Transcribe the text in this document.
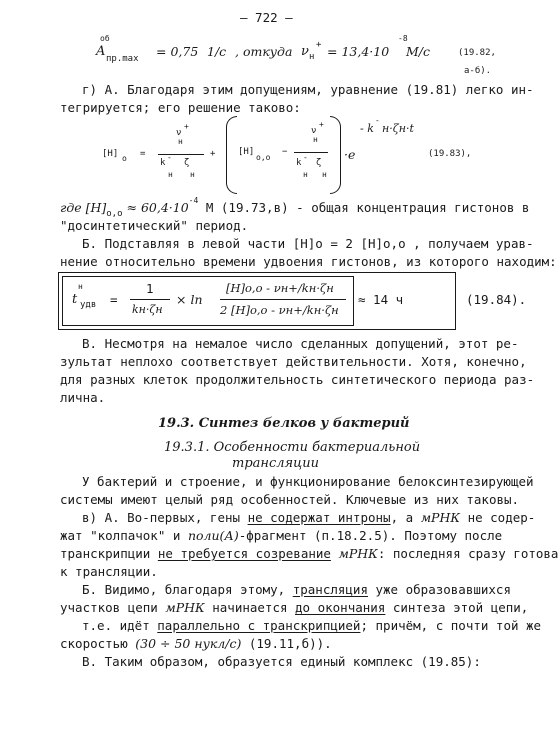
– 722 –
об
A пр.max = 0,75 1/с , откуда ν н
+ = 13,4·10
-8
М/с	(19.82,
а-б).
г) А. Благодаря этим допущениям, уравнение (19.81) легко ин-
тегрируется; его решение таково:
[H] o =
ν
н
+
k
-
н
ζ
н
+	[H]
o,o
−
ν
н
+
k
-
н
ζ
н
·e
- k
-
н·ζн·t
(19.83),
где $[H]_{o,o} \approx 60,4\cdot 10^{-4}$ М (19.73,в) - общая концентрация гистонов в
"досинтетический" период.
Б. Подставляя в левой части [H]o = 2 [H]o,o , получаем урав-
нение относительно времени удвоения гистонов, из которого находим:
н
t удв =
1
kн·ζн
× ln
[H]o,o - νн+/kн·ζн
2 [H]o,o - νн+/kн·ζн
≈ 14 ч	(19.84).
В. Несмотря на немалое число сделанных допущений, этот ре-
зультат неплохо соответствует действительности. Хотя, конечно,
для разных клеток продолжительность синтетического периода раз-
лична.
19.3. Синтез белков у бактерий
19.3.1. Особенности бактериальной
трансляции
У бактерий и строение, и функционирование белоксинтезирующей
системы имеют целый ряд особенностей. Ключевые из них таковы.
в) А. Во-первых, гены не содержат интроны, а мРНК не содер-
жат "колпачок" и поли(А)-фрагмент (п.18.2.5). Поэтому после
транскрипции не требуется созревание мРНК: последняя сразу готова
к трансляции.
Б. Видимо, благодаря этому, трансляция уже образовавшихся
участков цепи мРНК начинается до окончания синтеза этой цепи,
т.е. идёт параллельно с транскрипцией; причём, с почти той же
скоростью (30 ÷ 50 нукл/с) (19.11,б)).
В. Таким образом, образуется единый комплекс (19.85):
